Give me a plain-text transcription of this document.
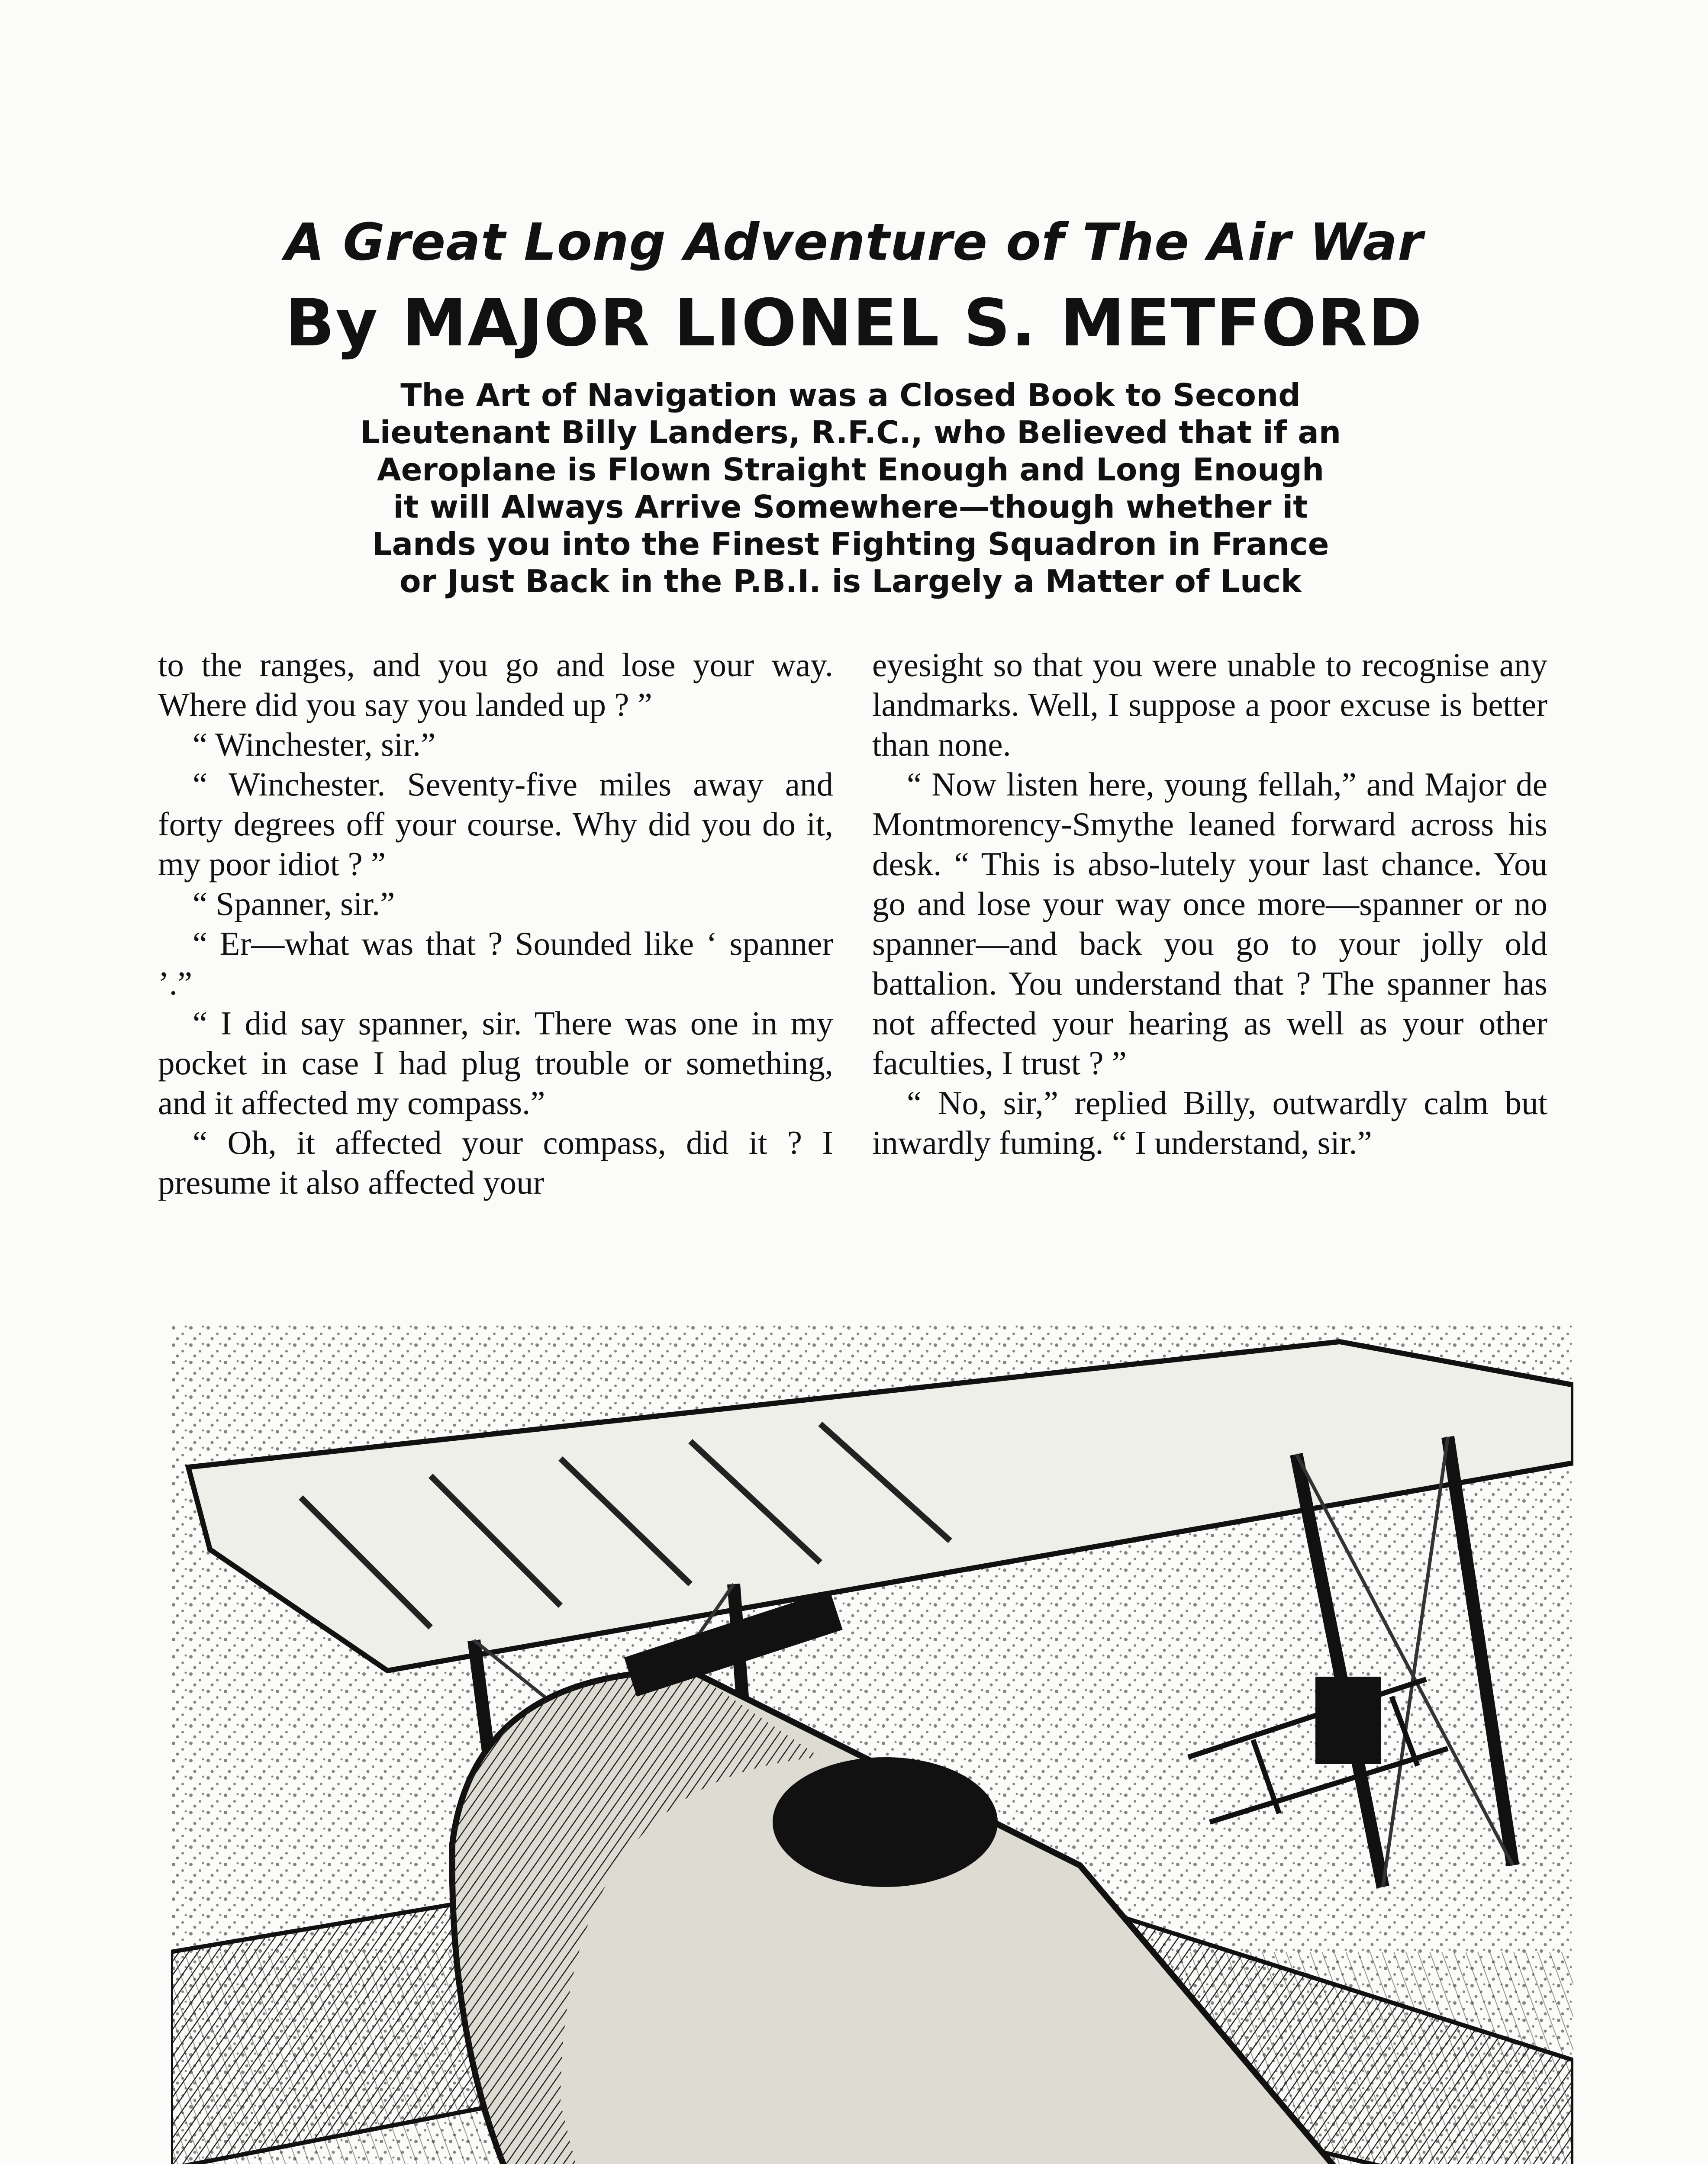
A Great Long Adventure of The Air War
By MAJOR LIONEL S. METFORD

The Art of Navigation was a Closed Book to Second Lieutenant Billy Landers, R.F.C., who Believed that if an Aeroplane is Flown Straight Enough and Long Enough it will Always Arrive Somewhere—though whether it Lands you into the Finest Fighting Squadron in France or Just Back in the P.B.I. is Largely a Matter of Luck

to the ranges, and you go and lose your way. Where did you say you landed up ? ”

“ Winchester, sir.”

“ Winchester. Seventy-five miles away and forty degrees off your course. Why did you do it, my poor idiot ? ”

“ Spanner, sir.”

“ Er—what was that ? Sounded like ‘ spanner ’.”

“ I did say spanner, sir. There was one in my pocket in case I had plug trouble or something, and it affected my compass.”

“ Oh, it affected your compass, did it ? I presume it also affected your

eyesight so that you were unable to recognise any landmarks. Well, I suppose a poor excuse is better than none.

“ Now listen here, young fellah,” and Major de Montmorency-Smythe leaned forward across his desk. “ This is abso-lutely your last chance. You go and lose your way once more—spanner or no spanner—and back you go to your jolly old battalion. You understand that ? The spanner has not affected your hearing as well as your other faculties, I trust ? ”

“ No, sir,” replied Billy, outwardly calm but inwardly fuming. “ I understand, sir.”
